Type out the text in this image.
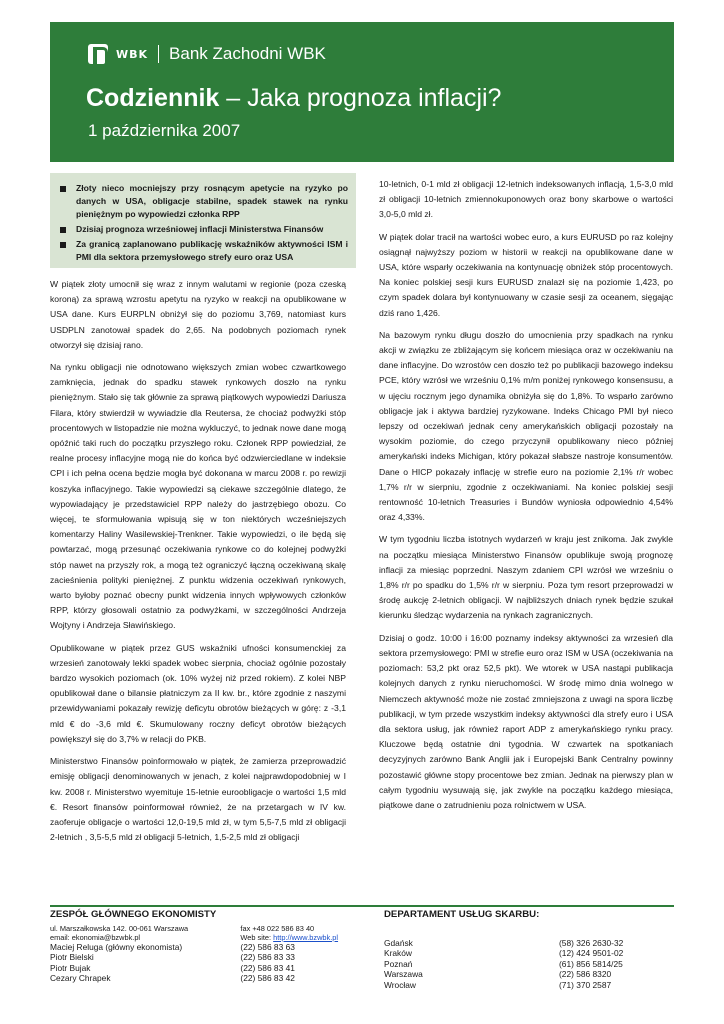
WBK Bank Zachodni WBK
Codziennik – Jaka prognoza inflacji?
1 października 2007
Złoty nieco mocniejszy przy rosnącym apetycie na ryzyko po danych w USA, obligacje stabilne, spadek stawek na rynku pieniężnym po wypowiedzi członka RPP
Dzisiaj prognoza wrześniowej inflacji Ministerstwa Finansów
Za granicą zaplanowano publikację wskaźników aktywności ISM i PMI dla sektora przemysłowego strefy euro oraz USA

W piątek złoty umocnił się wraz z innym walutami w regionie (poza czeską koroną) za sprawą wzrostu apetytu na ryzyko w reakcji na opublikowane w USA dane. Kurs EURPLN obniżył się do poziomu 3,769, natomiast kurs USDPLN zanotował spadek do 2,65. Na podobnych poziomach rynek otworzył się dzisiaj rano.

Na rynku obligacji nie odnotowano większych zmian wobec czwartkowego zamknięcia, jednak do spadku stawek rynkowych doszło na rynku pieniężnym. Stało się tak głównie za sprawą piątkowych wypowiedzi Dariusza Filara, który stwierdził w wywiadzie dla Reutersa, że chociaż podwyżki stóp procentowych w listopadzie nie można wykluczyć, to jednak nowe dane mogą opóźnić taki ruch do początku przyszłego roku. Członek RPP powiedział, że realne procesy inflacyjne mogą nie do końca być odzwierciedlane w indeksie CPI i ich pełna ocena będzie mogła być dokonana w marcu 2008 r. po rewizji koszyka inflacyjnego. Takie wypowiedzi są ciekawe szczególnie dlatego, że wypowiadający je przedstawiciel RPP należy do jastrzębiego obozu. Co więcej, te sformułowania wpisują się w ton niektórych wcześniejszych komentarzy Haliny Wasilewskiej-Trenkner. Takie wypowiedzi, o ile będą się powtarzać, mogą przesunąć oczekiwania rynkowe co do kolejnej podwyżki stóp nawet na przyszły rok, a mogą też ograniczyć łączną oczekiwaną skalę zacieśnienia polityki pieniężnej. Z punktu widzenia oczekiwań rynkowych, warto byłoby poznać obecny punkt widzenia innych wpływowych członków RPP, którzy głosowali ostatnio za podwyżkami, w szczególności Andrzeja Wojtyny i Andrzeja Sławińskiego.

Opublikowane w piątek przez GUS wskaźniki ufności konsumenckiej za wrzesień zanotowały lekki spadek wobec sierpnia, chociaż ogólnie pozostały bardzo wysokich poziomach (ok. 10% wyżej niż przed rokiem). Z kolei NBP opublikował dane o bilansie płatniczym za II kw. br., które zgodnie z naszymi przewidywaniami pokazały rewizję deficytu obrotów bieżących w górę: z -3,1 mld € do -3,6 mld €. Skumulowany roczny deficyt obrotów bieżących powiększył się do 3,7% w relacji do PKB.

Ministerstwo Finansów poinformowało w piątek, że zamierza przeprowadzić emisję obligacji denominowanych w jenach, z kolei najprawdopodobniej w I kw. 2008 r. Ministerstwo wyemituje 15-letnie euroobligacje o wartości 1,5 mld €. Resort finansów poinformował również, że na przetargach w IV kw. zaoferuje obligacje o wartości 12,0-19,5 mld zł, w tym 5,5-7,5 mld zł obligacji 2-letnich , 3,5-5,5 mld zł obligacji 5-letnich, 1,5-2,5 mld zł obligacji

10-letnich, 0-1 mld zł obligacji 12-letnich indeksowanych inflacją, 1,5-3,0 mld zł obligacji 10-letnich zmiennokuponowych oraz bony skarbowe o wartości 3,0-5,0 mld zł.

W piątek dolar tracił na wartości wobec euro, a kurs EURUSD po raz kolejny osiągnął najwyższy poziom w historii w reakcji na opublikowane dane w USA, które wsparły oczekiwania na kontynuację obniżek stóp procentowych. Na koniec polskiej sesji kurs EURUSD znalazł się na poziomie 1,423, po czym spadek dolara był kontynuowany w czasie sesji za oceanem, sięgając dziś rano 1,426.

Na bazowym rynku długu doszło do umocnienia przy spadkach na rynku akcji w związku ze zbliżającym się końcem miesiąca oraz w oczekiwaniu na dane inflacyjne. Do wzrostów cen doszło też po publikacji bazowego indeksu PCE, który wzrósł we wrześniu 0,1% m/m poniżej rynkowego konsensusu, a w ujęciu rocznym jego dynamika obniżyła się do 1,8%. To wsparło zarówno obligacje jak i aktywa bardziej ryzykowane. Indeks Chicago PMI był nieco lepszy od oczekiwań jednak ceny amerykańskich obligacji pozostały na wysokim poziomie, do czego przyczynił opublikowany nieco później amerykański indeks Michigan, który pokazał słabsze nastroje konsumentów. Dane o HICP pokazały inflację w strefie euro na poziomie 2,1% r/r wobec 1,7% r/r w sierpniu, zgodnie z oczekiwaniami. Na koniec polskiej sesji rentowność 10-letnich Treasuries i Bundów wyniosła odpowiednio 4,54% oraz 4,33%.

W tym tygodniu liczba istotnych wydarzeń w kraju jest znikoma. Jak zwykle na początku miesiąca Ministerstwo Finansów opublikuje swoją prognozę inflacji za miesiąc poprzedni. Naszym zdaniem CPI wzrósł we wrześniu o 1,8% r/r po spadku do 1,5% r/r w sierpniu. Poza tym resort przeprowadzi w środę aukcję 2-letnich obligacji. W najbliższych dniach rynek będzie szukał kierunku śledząc wydarzenia na rynkach zagranicznych.

Dzisiaj o godz. 10:00 i 16:00 poznamy indeksy aktywności za wrzesień dla sektora przemysłowego: PMI w strefie euro oraz ISM w USA (oczekiwania na poziomach: 53,2 pkt oraz 52,5 pkt). We wtorek w USA nastąpi publikacja kolejnych danych z rynku nieruchomości. W środę mimo dnia wolnego w Niemczech aktywność może nie zostać zmniejszona z uwagi na spora liczbę publikacji, w tym przede wszystkim indeksy aktywności dla strefy euro i USA dla sektora usług, jak również raport ADP z amerykańskiego rynku pracy. Kluczowe będą ostatnie dni tygodnia. W czwartek na spotkaniach decyzyjnych zarówno Bank Anglii jak i Europejski Bank Centralny powinny pozostawić główne stopy procentowe bez zmian. Jednak na pierwszy plan w całym tygodniu wysuwają się, jak zwykle na początku każdego miesiąca, piątkowe dane o zatrudnieniu poza rolnictwem w USA.

ZESPÓŁ GŁÓWNEGO EKONOMISTY
ul. Marszałkowska 142. 00-061 Warszawa	fax +48 022 586 83 40
email: ekonomia@bzwbk.pl	Web site: http://www.bzwbk.pl
Maciej Reluga (główny ekonomista)	(22) 586 83 63
Piotr Bielski	(22) 586 83 33
Piotr Bujak	(22) 586 83 41
Cezary Chrapek	(22) 586 83 42
DEPARTAMENT USŁUG SKARBU:
Gdańsk	(58) 326 2630-32
Kraków	(12) 424 9501-02
Poznań	(61) 856 5814/25
Warszawa	(22) 586 8320
Wrocław	(71) 370 2587
